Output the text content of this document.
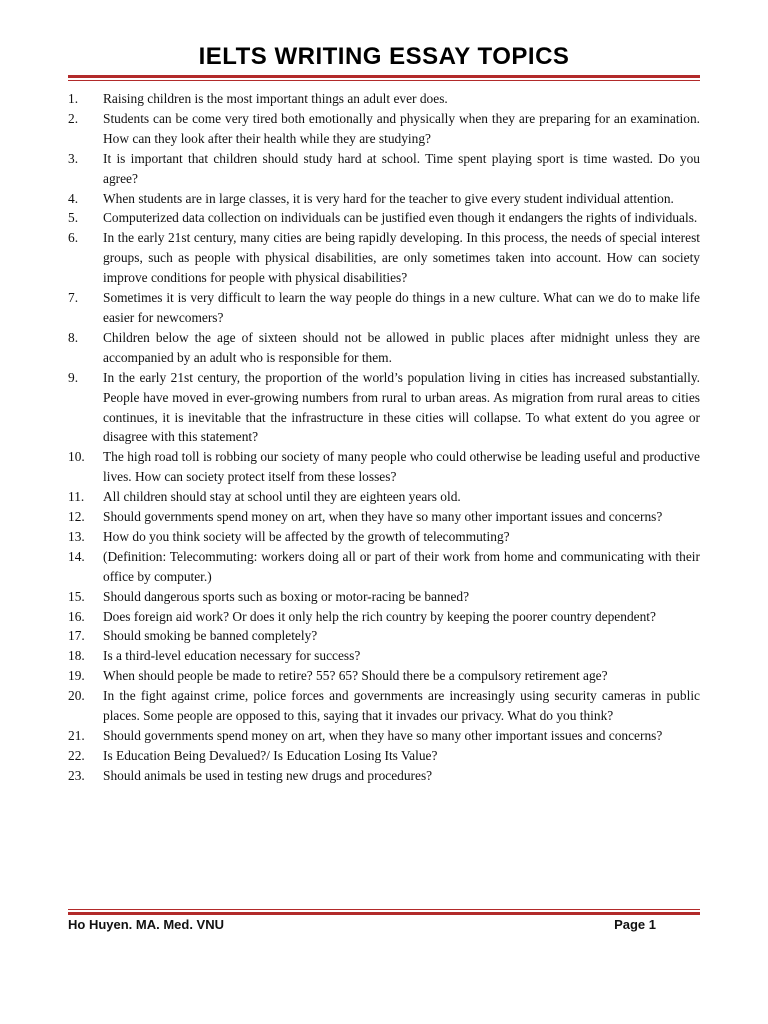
IELTS WRITING ESSAY TOPICS
1.	Raising children is the most important things an adult ever does.
2.	Students can be come very tired both emotionally and physically when they are preparing for an examination. How can they look after their health while they are studying?
3.	It is important that children should study hard at school. Time spent playing sport is time wasted. Do you agree?
4.	When students are in large classes, it is very hard for the teacher to give every student individual attention.
5.	Computerized data collection on individuals can be justified even though it endangers the rights of individuals.
6.	In the early 21st century, many cities are being rapidly developing. In this process, the needs of special interest groups, such as people with physical disabilities, are only sometimes taken into account. How can society improve conditions for people with physical disabilities?
7.	Sometimes it is very difficult to learn the way people do things in a new culture. What can we do to make life easier for newcomers?
8.	Children below the age of sixteen should not be allowed in public places after midnight unless they are accompanied by an adult who is responsible for them.
9.	In the early 21st century, the proportion of the world’s population living in cities has increased substantially. People have moved in ever-growing numbers from rural to urban areas. As migration from rural areas to cities continues, it is inevitable that the infrastructure in these cities will collapse. To what extent do you agree or disagree with this statement?
10.	The high road toll is robbing our society of many people who could otherwise be leading useful and productive lives. How can society protect itself from these losses?
11.	All children should stay at school until they are eighteen years old.
12.	Should governments spend money on art, when they have so many other important issues and concerns?
13.	How do you think society will be affected by the growth of telecommuting?
14.	(Definition: Telecommuting: workers doing all or part of their work from home and communicating with their office by computer.)
15.	Should dangerous sports such as boxing or motor-racing be banned?
16.	Does foreign aid work? Or does it only help the rich country by keeping the poorer country dependent?
17.	Should smoking be banned completely?
18.	Is a third-level education necessary for success?
19.	When should people be made to retire? 55? 65? Should there be a compulsory retirement age?
20.	In the fight against crime, police forces and governments are increasingly using security cameras in public places. Some people are opposed to this, saying that it invades our privacy. What do you think?
21.	Should governments spend money on art, when they have so many other important issues and concerns?
22.	Is Education Being Devalued?/ Is Education Losing Its Value?
23.	Should animals be used in testing new drugs and procedures?
Ho Huyen. MA. Med. VNU	Page 1
